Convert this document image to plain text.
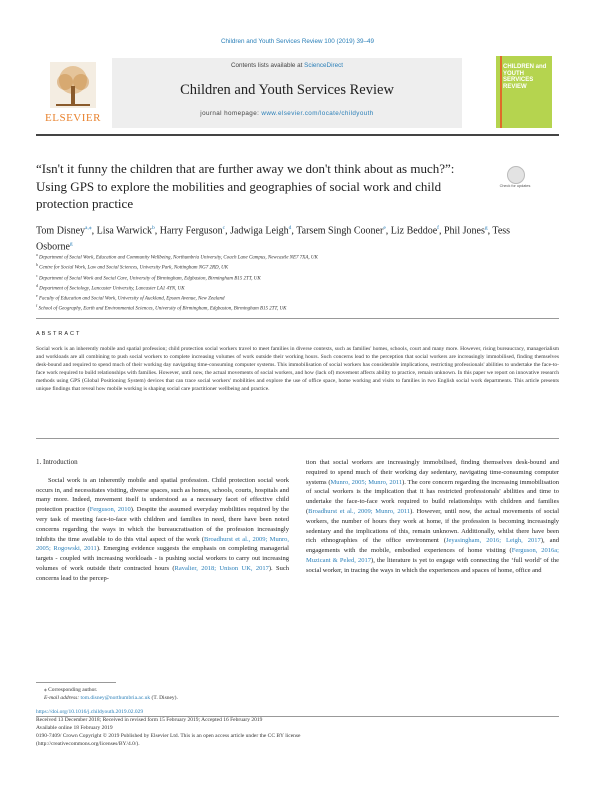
Children and Youth Services Review 100 (2019) 39–49
ELSEVIER
Contents lists available at ScienceDirect
Children and Youth Services Review
journal homepage: www.elsevier.com/locate/childyouth
CHILDREN and YOUTH SERVICES REVIEW
“Isn't it funny the children that are further away we don't think about as much?”: Using GPS to explore the mobilities and geographies of social work and child protection practice
Check for updates
Tom Disney$^{a,⁎}$, Lisa Warwick$^b$, Harry Ferguson$^c$, Jadwiga Leigh$^d$, Tarsem Singh Cooner$^e$, Liz Beddoe$^f$, Phil Jones$^g$, Tess Osborne$^g$
$^a$ Department of Social Work, Education and Community Wellbeing, Northumbria University, Coach Lane Campus, Newcastle NE7 7XA, UK
$^b$ Centre for Social Work, Law and Social Sciences, University Park, Nottingham NG7 2RD, UK
$^c$ Department of Social Work and Social Care, University of Birmingham, Edgbaston, Birmingham B15 2TT, UK
$^d$ Department of Sociology, Lancaster University, Lancaster LA1 4YN, UK
$^e$ Faculty of Education and Social Work, University of Auckland, Epsom Avenue, New Zealand
$^f$ School of Geography, Earth and Environmental Sciences, University of Birmingham, Edgbaston, Birmingham B15 2TT, UK
ABSTRACT
Social work is an inherently mobile and spatial profession; child protection social workers travel to meet families in diverse contexts, such as families' homes, schools, court and many more. However, rising bureaucracy, managerialism and workloads are all combining to push social workers to complete increasing volumes of work outside their working hours. Such concerns lead to the perception that social workers are increasingly immobilised, finding themselves desk-bound and required to spend much of their working day navigating time-consuming computer systems. This immobilisation of social workers has considerable implications, restricting professionals' abilities to undertake the face-to-face work required to build relationships with families. However, until now, the actual movements of social workers, and how (lack of) movement affects ability to practice, remain unknown. In this paper we report on innovative research methods using GPS (Global Positioning System) devices that can trace social workers' mobilities and explore the use of office space, home working and visits to families in two English social work departments. This article presents unique findings that reveal how mobile working is shaping social care practitioner wellbeing and practice.
1. Introduction

Social work is an inherently mobile and spatial profession. Child protection social work occurs in, and necessitates visiting, diverse spaces, such as homes, schools, courts, hospitals and many more. Indeed, movement itself is understood as a necessary facet of effective child protection practice (Ferguson, 2010). Despite the assumed everyday mobilities required by the very task of meeting face-to-face with children and families in need, there have been noted concerns regarding the ways in which the bureaucratisation of the profession increasingly inhibits the time available to do this vital aspect of the work (Broadhurst et al., 2009; Munro, 2005; Rogowski, 2011). Emerging evidence suggests the emphasis on completing managerial targets - coupled with increasing workloads - is pushing social workers to carry out increasing volumes of work outside their contracted hours (Ravalier, 2018; Unison UK, 2017). Such concerns lead to the percep-

tion that social workers are increasingly immobilised, finding themselves desk-bound and required to spend much of their working day sedentary, navigating time-consuming computer systems (Munro, 2005; Munro, 2011). The core concern regarding the increasing immobilisation of social workers is the implication that it has restricted professionals' abilities and time to undertake the face-to-face work required to build relationships with children and families (Broadhurst et al., 2009; Munro, 2011). However, until now, the actual movements of social workers, the number of hours they work at home, if the profession is becoming increasingly sedentary and the implications of this, remain unknown. Additionally, whilst there have been rich ethnographies of the office environment (Jeyasingham, 2016; Leigh, 2017), and engagements with the mobile, embodied experiences of home visiting (Ferguson, 2016a; Muzicant & Peled, 2017), the literature is yet to engage with connecting the ‘full world’ of the social worker, in tracing the ways in which the experiences and spaces of home, office and

⁎ Corresponding author.
E-mail address: tom.disney@northumbria.ac.uk (T. Disney).
https://doi.org/10.1016/j.childyouth.2019.02.029
Received 13 December 2018; Received in revised form 15 February 2019; Accepted 16 February 2019
Available online 18 February 2019
0190-7409/ Crown Copyright © 2019 Published by Elsevier Ltd. This is an open access article under the CC BY license
(http://creativecommons.org/licenses/BY/4.0/).
